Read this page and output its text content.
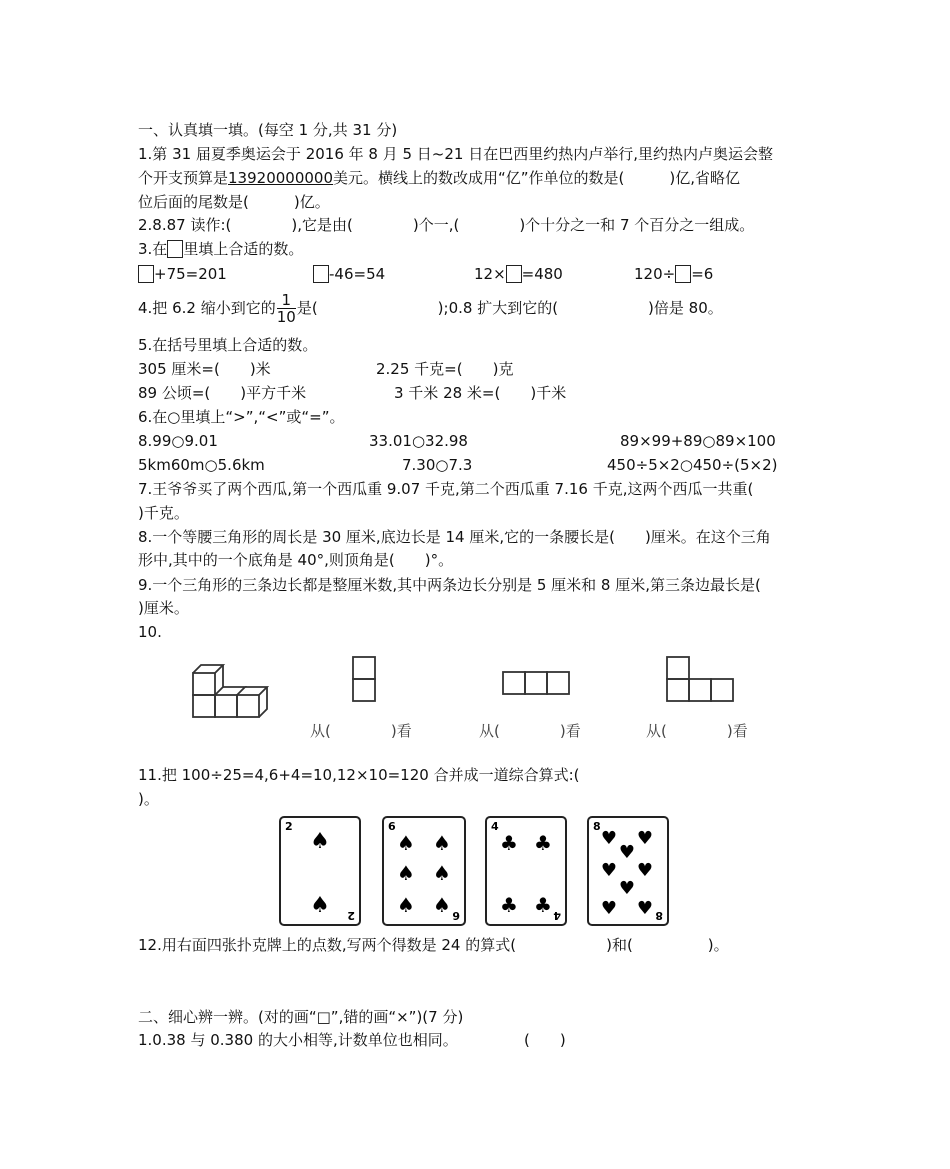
一、认真填一填。(每空 1 分,共 31 分)
1.第 31 届夏季奥运会于 2016 年 8 月 5 日~21 日在巴西里约热内卢举行,里约热内卢奥运会整
个开支预算是13920000000美元。横线上的数改成用“亿”作单位的数是(　　　)亿,省略亿
位后面的尾数是(　　　)亿。
2.8.87 读作:(　　　　),它是由(　　　　)个一,(　　　　)个十分之一和 7 个百分之一组成。
3.在 里填上合适的数。
+75=201	-46=54	12× =480	120÷ =6
4.把 6.2 缩小到它的 $\frac{1}{10}$ 是(　　　　　　　　);0.8 扩大到它的(　　　　　　)倍是 80。
5.在括号里填上合适的数。
305 厘米=(　　)米	2.25 千克=(　　)克
89 公顷=(　　)平方千米	3 千米 28 米=(　　)千米
6.在○里填上“>”,“<”或“=”。
8.99○9.01	33.01○32.98	89×99+89○89×100
5km60m○5.6km	7.30○7.3	450÷5×2○450÷(5×2)
7.王爷爷买了两个西瓜,第一个西瓜重 9.07 千克,第二个西瓜重 7.16 千克,这两个西瓜一共重(
)千克。
8.一个等腰三角形的周长是 30 厘米,底边长是 14 厘米,它的一条腰长是(　　)厘米。在这个三角
形中,其中的一个底角是 40°,则顶角是(　　)°。
9.一个三角形的三条边长都是整厘米数,其中两条边长分别是 5 厘米和 8 厘米,第三条边最长是(
)厘米。
10.
从(　　　　)看	从(　　　　)看	从(　　　　)看
11.把 100÷25=4,6+4=10,12×10=120 合并成一道综合算式:(
)。
2
♠
♠ 2
6
♠ ♠
♠ ♠
♠ ♠ 6
4
♣ ♣
♣ ♣ 4
8
♥ ♥
♥
♥ ♥
♥
♥ ♥ 8
12.用右面四张扑克牌上的点数,写两个得数是 24 的算式(　　　　　　)和(　　　　　)。
二、细心辨一辨。(对的画“□”,错的画“×”)(7 分)
1.0.38 与 0.380 的大小相等,计数单位也相同。	(　　)
